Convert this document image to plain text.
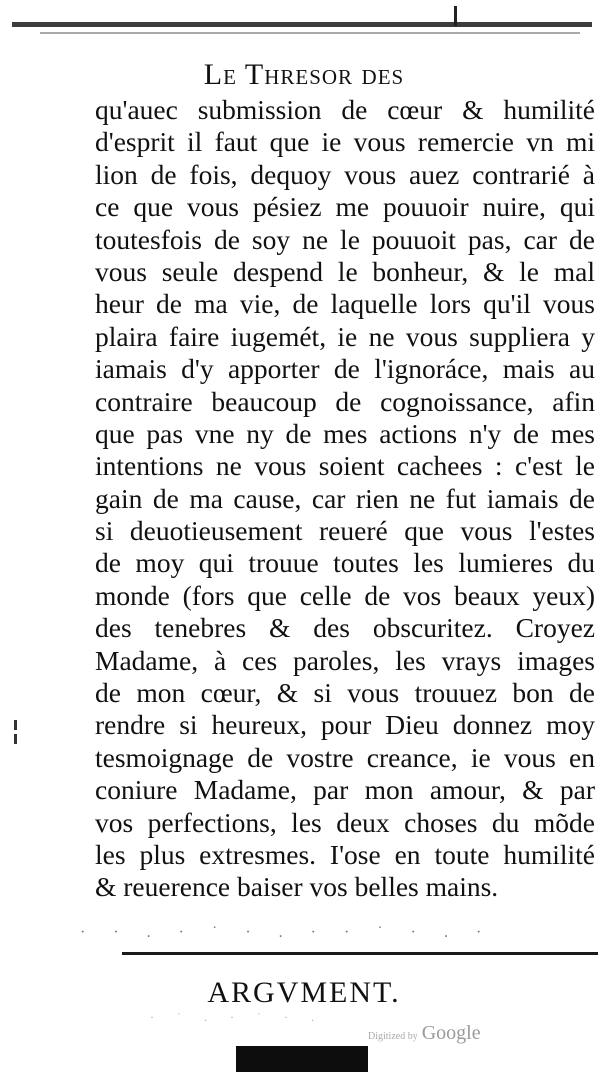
Le Thresor des
qu'auec submission de cœur & humilité
d'esprit il faut que ie vous remercie vn mi
lion de fois, dequoy vous auez contrarié à
ce que vous pésiez me pouuoir nuire, qui
toutesfois de soy ne le pouuoit pas, car de
vous seule despend le bonheur, & le mal
heur de ma vie, de laquelle lors qu'il vous
plaira faire iugemét, ie ne vous suppliera y
iamais d'y apporter de l'ignoráce, mais au
contraire beaucoup de cognoissance, afin
que pas vne ny de mes actions n'y de mes
intentions ne vous soient cachees : c'est le
gain de ma cause, car rien ne fut iamais de
si deuotieusement reueré que vous l'estes
de moy qui trouue toutes les lumieres du
monde (fors que celle de vos beaux yeux)
des tenebres & des obscuritez. Croyez
Madame, à ces paroles, les vrays images
de mon cœur, & si vous trouuez bon de
rendre si heureux, pour Dieu donnez moy
tesmoignage de vostre creance, ie vous en
coniure Madame, par mon amour, & par
vos perfections, les deux choses du mõde
les plus extresmes. I'ose en toute humilité
& reuerence baiser vos belles mains.
· · . · ˙ · . · · ˙ · . ·
ARGVMENT.
· ˙ . · ˙ · .
Digitized by Google
